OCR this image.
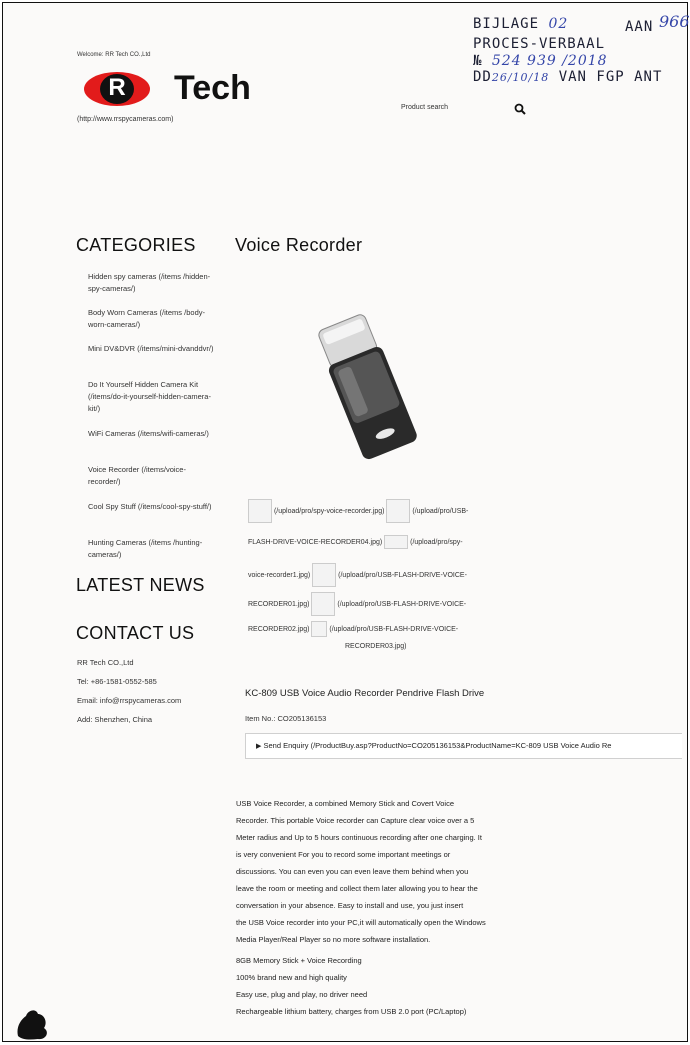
BIJLAGE 02	AAN 966
PROCES-VERBAAL
№ 524 939 /2018
DD26/10/18 VAN FGP ANT
Welcome: RR Tech CO.,Ltd
R Tech
(http://www.rrspycameras.com)
Product search
CATEGORIES
Hidden spy cameras (/items /hidden-spy-cameras/)
Body Worn Cameras (/items /body-worn-cameras/)
Mini DV&DVR (/items/mini-dvanddvr/)
Do It Yourself Hidden Camera Kit (/items/do-it-yourself-hidden-camera-kit/)
WiFi Cameras (/items/wifi-cameras/)
Voice Recorder (/items/voice-recorder/)
Cool Spy Stuff (/items/cool-spy-stuff/)
Hunting Cameras (/items /hunting-cameras/)
LATEST NEWS
CONTACT US
RR Tech CO.,Ltd
Tel: +86-1581-0552-585
Email: info@rrspycameras.com
Add: Shenzhen, China
Voice Recorder
(/upload/pro/spy-voice-recorder.jpg)	(/upload/pro/USB-
FLASH-DRIVE-VOICE-RECORDER04.jpg)	(/upload/pro/spy-
voice-recorder1.jpg)	(/upload/pro/USB-FLASH-DRIVE-VOICE-
RECORDER01.jpg)	(/upload/pro/USB-FLASH-DRIVE-VOICE-
RECORDER02.jpg)	(/upload/pro/USB-FLASH-DRIVE-VOICE-
RECORDER03.jpg)
KC-809 USB Voice Audio Recorder Pendrive Flash Drive
Item No.: CO205136153
▶ Send Enquiry (/ProductBuy.asp?ProductNo=CO205136153&ProductName=KC-809 USB Voice Audio Re
USB Voice Recorder, a combined Memory Stick and Covert Voice
Recorder. This portable Voice recorder can Capture clear voice over a 5
Meter radius and Up to 5 hours continuous recording after one charging. It
is very convenient For you to record some important meetings or
discussions. You can even you can even leave them behind when you
leave the room or meeting and collect them later allowing you to hear the
conversation in your absence. Easy to install and use, you just insert
the USB Voice recorder into your PC,it will automatically open the Windows
Media Player/Real Player so no more software installation.
8GB Memory Stick + Voice Recording
100% brand new and high quality
Easy use, plug and play, no driver need
Rechargeable lithium battery, charges from USB 2.0 port (PC/Laptop)
